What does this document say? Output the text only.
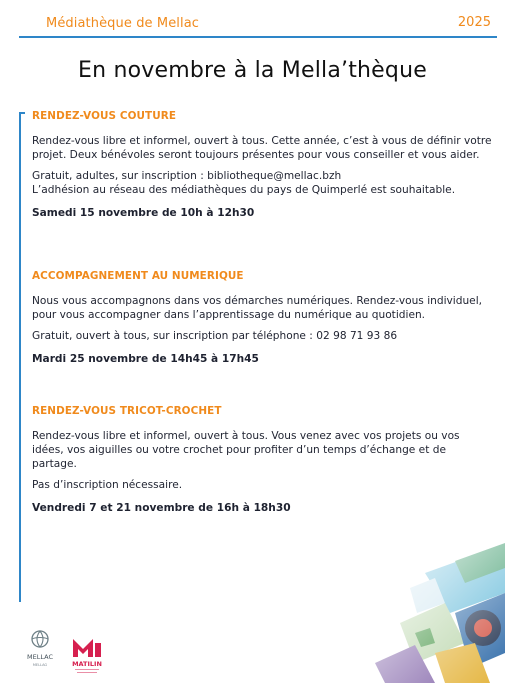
Médiathèque de Mellac	2025
En novembre à la Mella’thèque
RENDEZ-VOUS COUTURE

Rendez-vous libre et informel, ouvert à tous. Cette année, c’est à vous de définir votre projet. Deux bénévoles seront toujours présentes pour vous conseiller et vous aider.

Gratuit, adultes, sur inscription : bibliotheque@mellac.bzh

L’adhésion au réseau des médiathèques du pays de Quimperlé est souhaitable.

Samedi 15 novembre de 10h à 12h30

ACCOMPAGNEMENT AU NUMERIQUE

Nous vous accompagnons dans vos démarches numériques. Rendez-vous individuel, pour vous accompagner dans l’apprentissage du numérique au quotidien.

Gratuit, ouvert à tous, sur inscription par téléphone : 02 98 71 93 86

Mardi 25 novembre de 14h45 à 17h45

RENDEZ-VOUS TRICOT-CROCHET

Rendez-vous libre et informel, ouvert à tous. Vous venez avec vos projets ou vos idées, vos aiguilles ou votre crochet pour profiter d’un temps d’échange et de partage.

Pas d’inscription nécessaire.

Vendredi 7 et 21 novembre de 16h à 18h30

MELLAC
MELLAG	MATILIN
